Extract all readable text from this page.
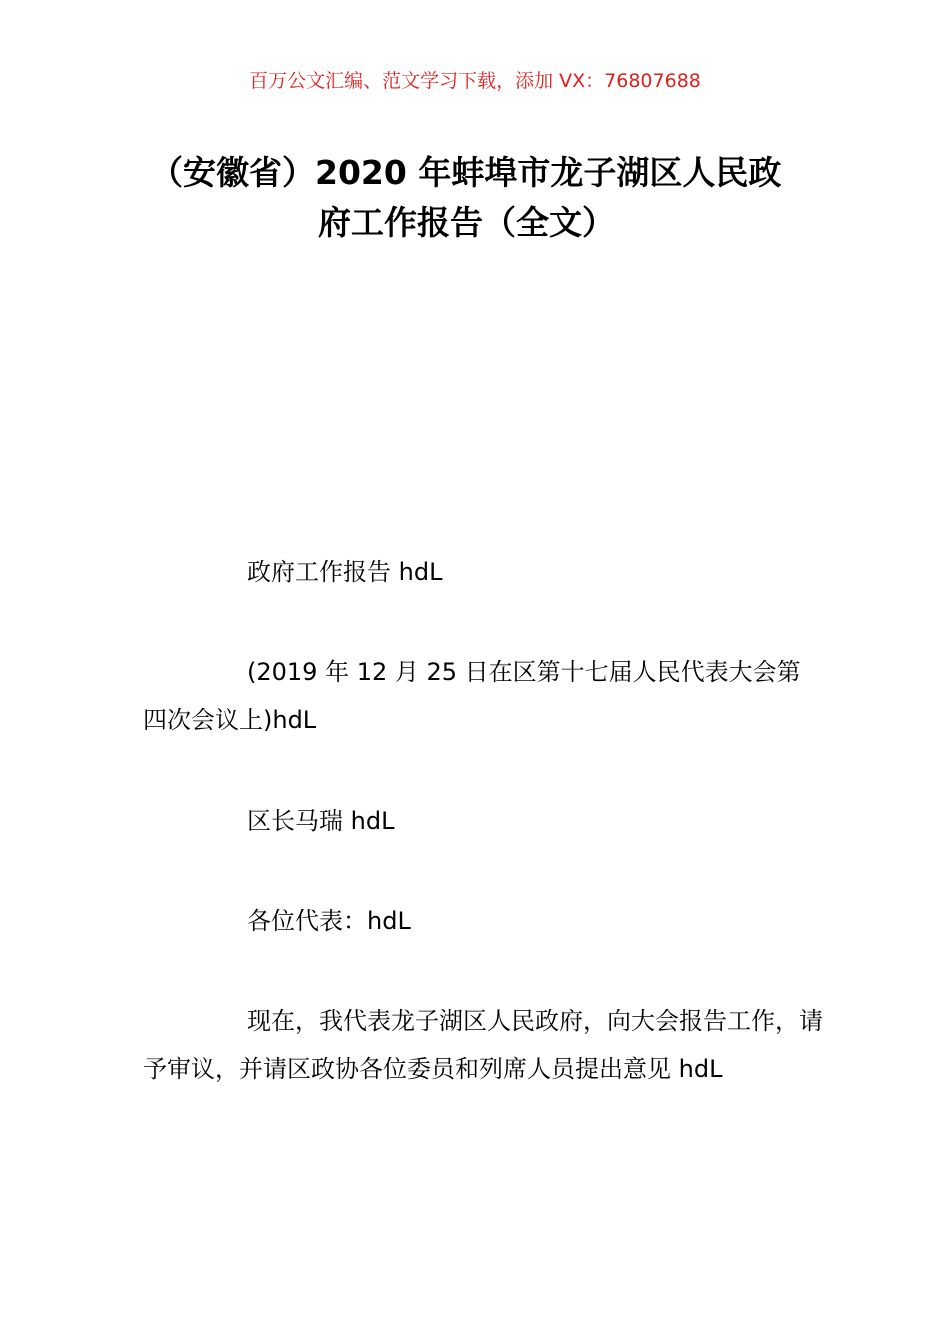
百万公文汇编、范文学习下载，添加 VX：76807688
（安徽省）2020 年蚌埠市龙子湖区人民政
府工作报告（全文）

政府工作报告 hdL

(2019 年 12 月 25 日在区第十七届人民代表大会第四次会议上)hdL

区长马瑞 hdL

各位代表：hdL

现在，我代表龙子湖区人民政府，向大会报告工作，请予审议，并请区政协各位委员和列席人员提出意见 hdL
